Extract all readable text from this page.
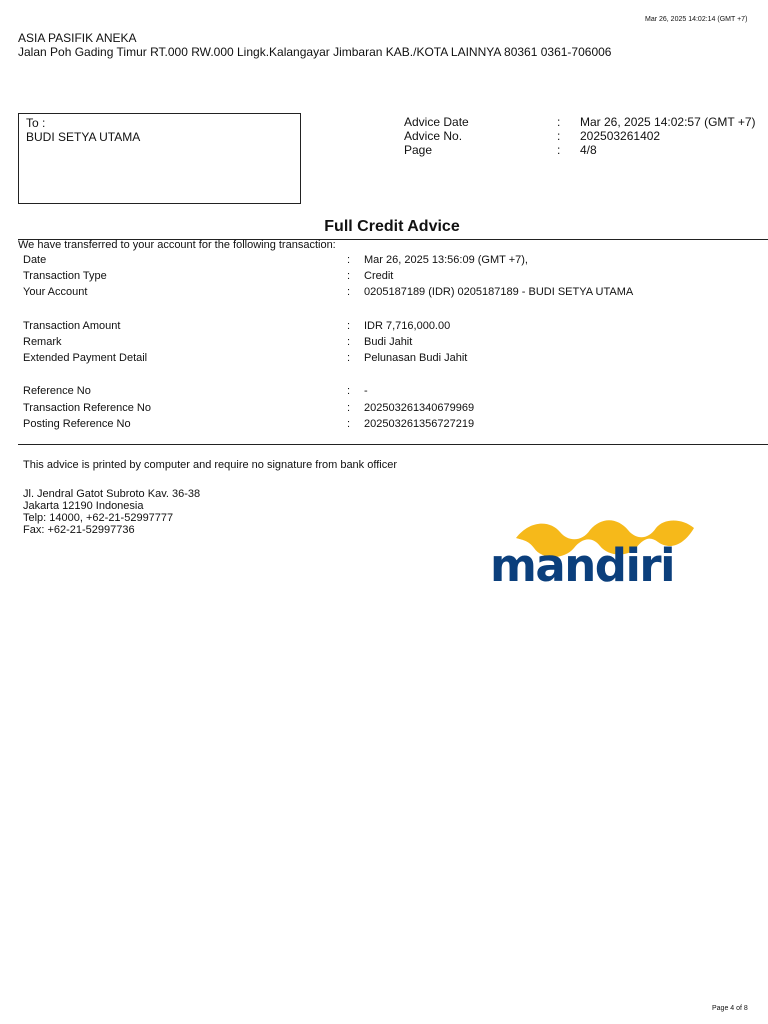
Mar 26, 2025 14:02:14 (GMT +7)
ASIA PASIFIK ANEKA
Jalan Poh Gading Timur RT.000 RW.000 Lingk.Kalangayar Jimbaran KAB./KOTA LAINNYA 80361 0361-706006
To :
BUDI SETYA UTAMA
Advice Date	: Mar 26, 2025 14:02:57 (GMT +7)
Advice No.	: 202503261402
Page	: 4/8
Full Credit Advice
We have transferred to your account for the following transaction:
Date	: Mar 26, 2025 13:56:09 (GMT +7),
Transaction Type	: Credit
Your Account	: 0205187189 (IDR) 0205187189 - BUDI SETYA UTAMA
Transaction Amount	: IDR 7,716,000.00
Remark	: Budi Jahit
Extended Payment Detail	: Pelunasan Budi Jahit
Reference No	: -
Transaction Reference No	: 202503261340679969
Posting Reference No	: 202503261356727219
This advice is printed by computer and require no signature from bank officer
Jl. Jendral Gatot Subroto Kav. 36-38
Jakarta 12190 Indonesia
Telp: 14000, +62-21-52997777
Fax: +62-21-52997736
mandiri
Page 4 of 8
